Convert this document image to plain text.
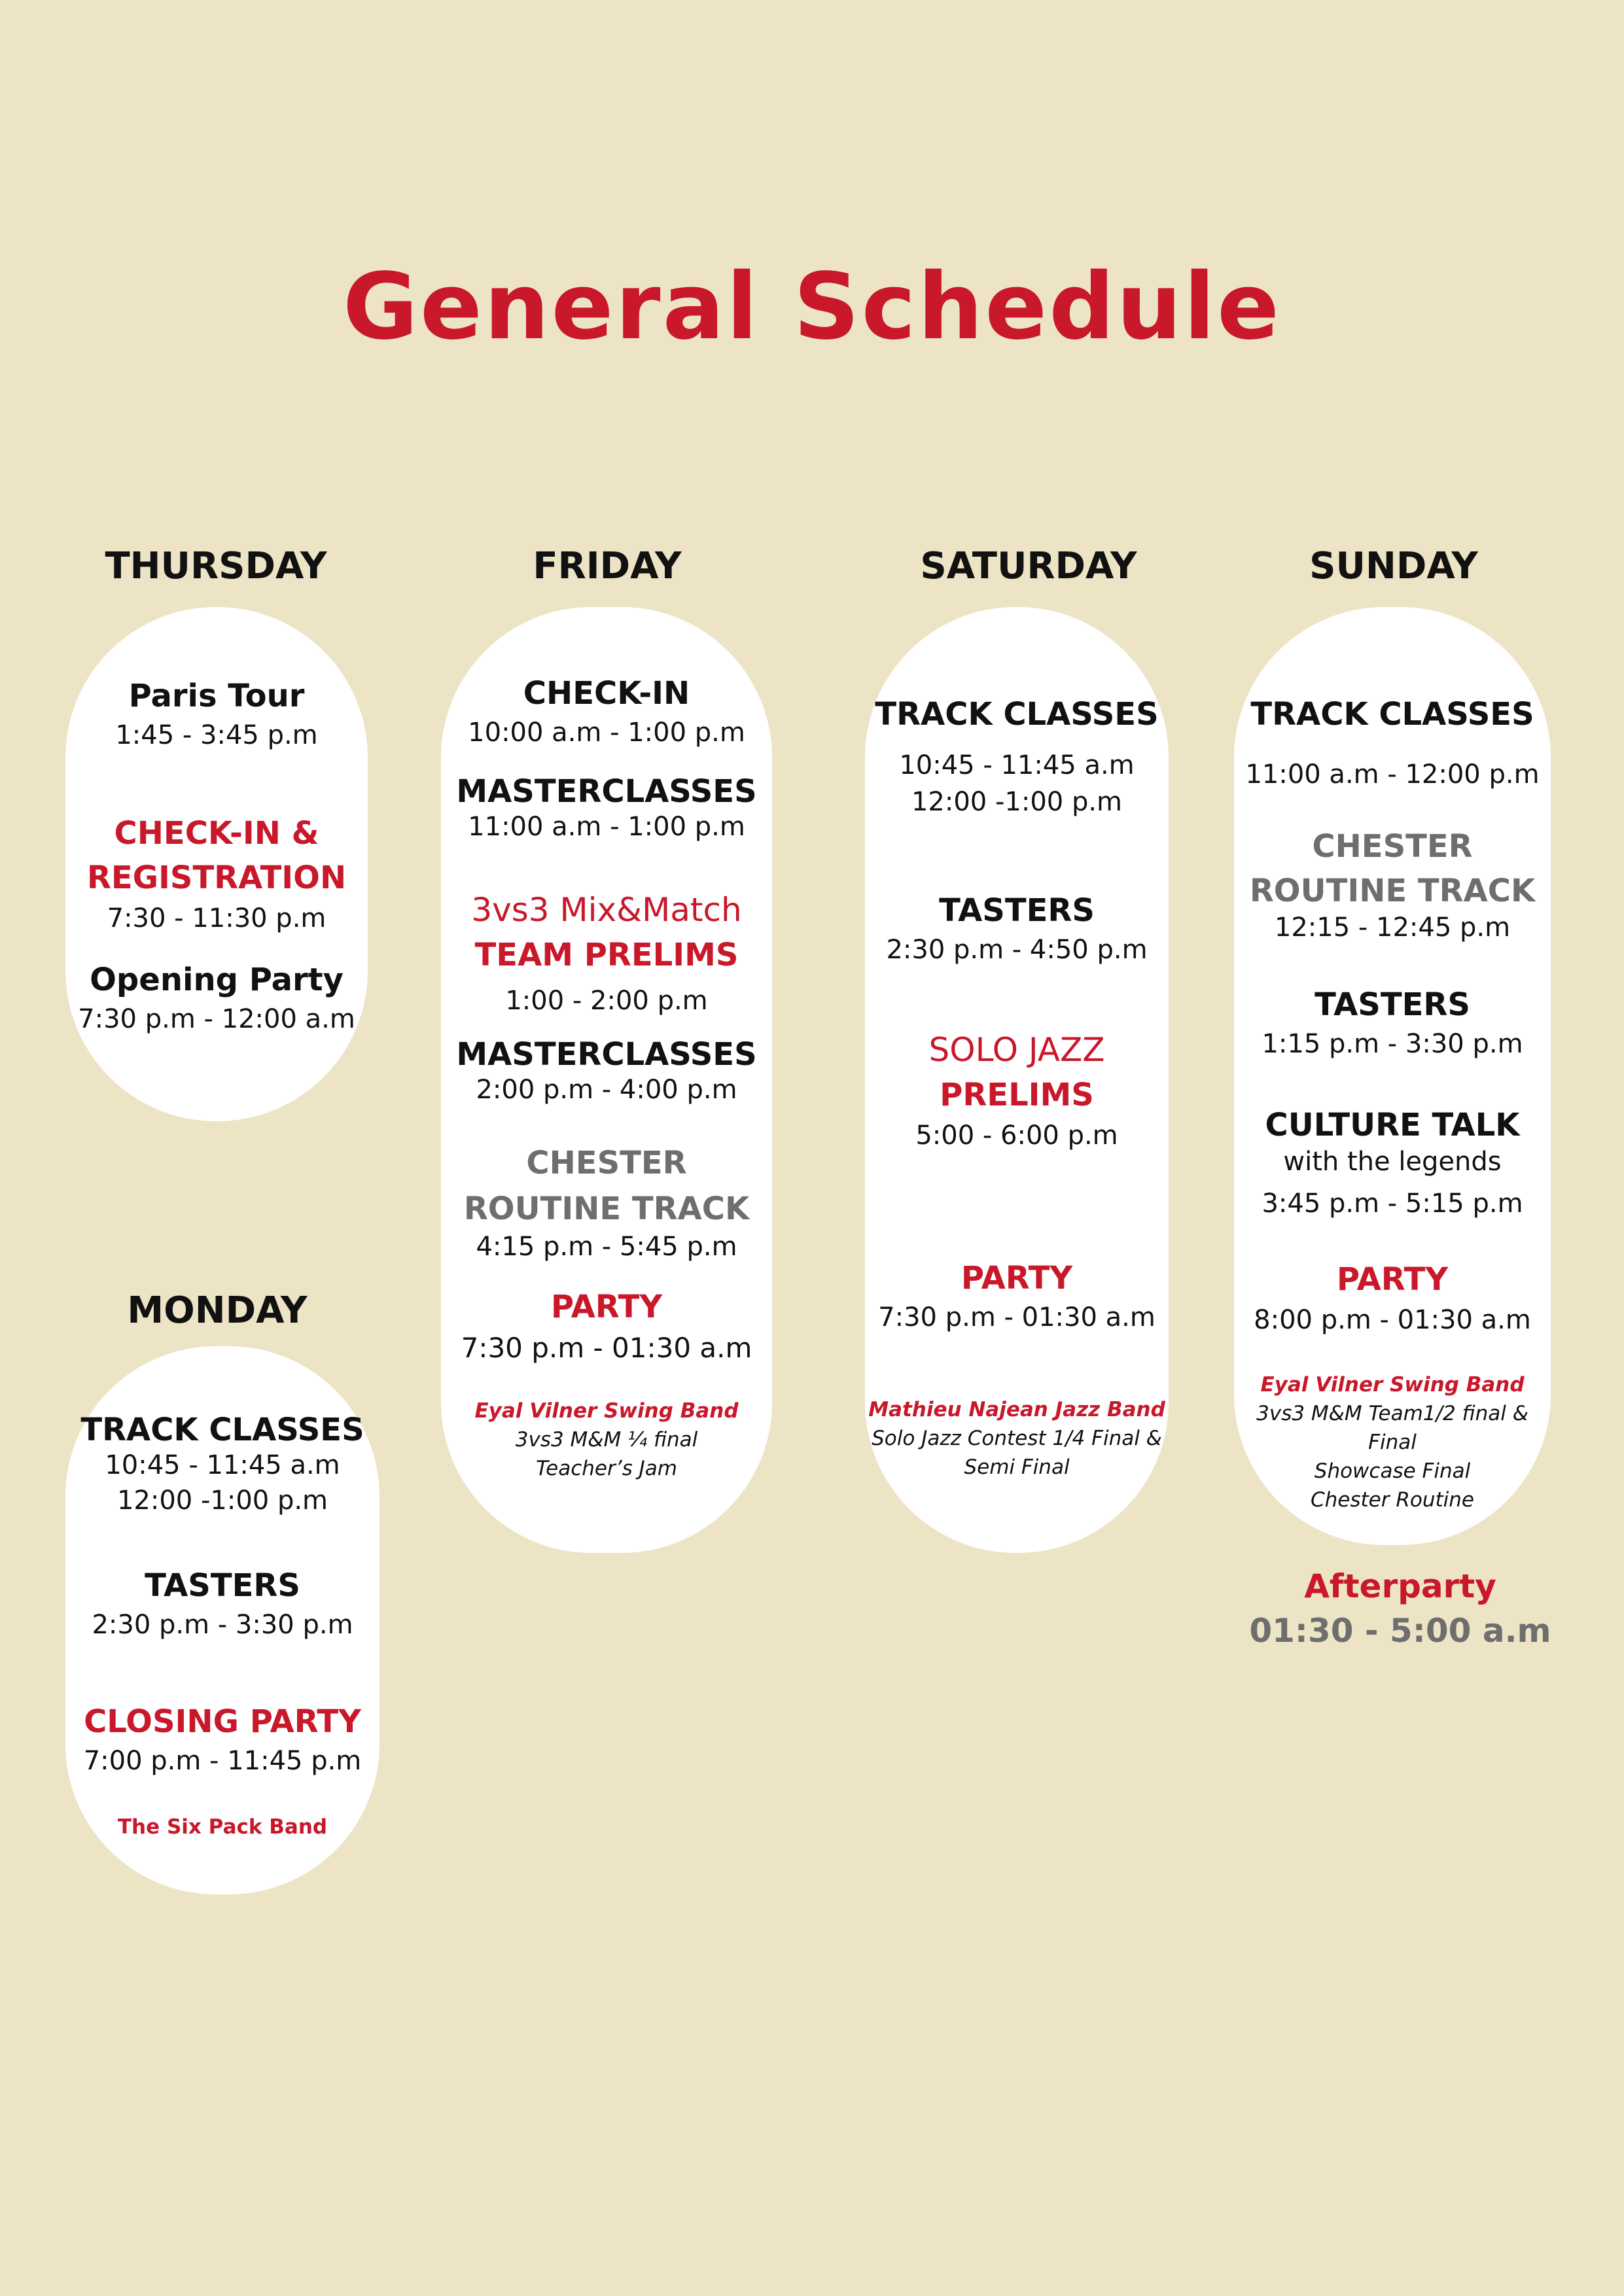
General Schedule
THURSDAY
Paris Tour
1:45 - 3:45 p.m
CHECK-IN &
REGISTRATION
7:30 - 11:30 p.m
Opening Party
7:30 p.m - 12:00 a.m
FRIDAY
CHECK-IN
10:00 a.m - 1:00 p.m
MASTERCLASSES
11:00 a.m - 1:00 p.m
3vs3 Mix&Match
TEAM PRELIMS
1:00 - 2:00 p.m
MASTERCLASSES
2:00 p.m - 4:00 p.m
CHESTER
ROUTINE TRACK
4:15 p.m - 5:45 p.m
PARTY
7:30 p.m - 01:30 a.m
Eyal Vilner Swing Band
3vs3 M&M ¼ final
Teacher’s Jam
SATURDAY
TRACK CLASSES
10:45 - 11:45 a.m
12:00 -1:00 p.m
TASTERS
2:30 p.m - 4:50 p.m
SOLO JAZZ
PRELIMS
5:00 - 6:00 p.m
PARTY
7:30 p.m - 01:30 a.m
Mathieu Najean Jazz Band
Solo Jazz Contest 1/4 Final &
Semi Final
SUNDAY
TRACK CLASSES
11:00 a.m - 12:00 p.m
CHESTER
ROUTINE TRACK
12:15 - 12:45 p.m
TASTERS
1:15 p.m - 3:30 p.m
CULTURE TALK
with the legends
3:45 p.m - 5:15 p.m
PARTY
8:00 p.m - 01:30 a.m
Eyal Vilner Swing Band
3vs3 M&M Team1/2 final &
Final
Showcase Final
Chester Routine
Afterparty
01:30 - 5:00 a.m
MONDAY
TRACK CLASSES
10:45 - 11:45 a.m
12:00 -1:00 p.m
TASTERS
2:30 p.m - 3:30 p.m
CLOSING PARTY
7:00 p.m - 11:45 p.m
The Six Pack Band
